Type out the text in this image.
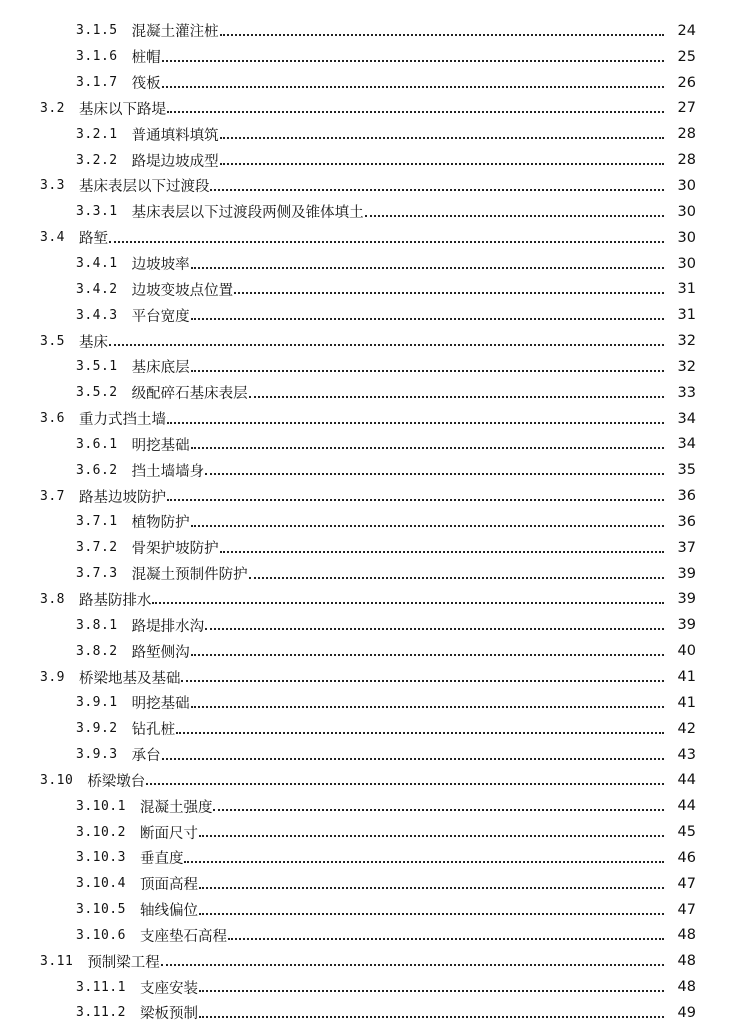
3.1.5 混凝土灌注桩	24
3.1.6 桩帽	25
3.1.7 筏板	26
3.2 基床以下路堤	27
3.2.1 普通填料填筑	28
3.2.2 路堤边坡成型	28
3.3 基床表层以下过渡段	30
3.3.1 基床表层以下过渡段两侧及锥体填土	30
3.4 路堑	30
3.4.1 边坡坡率	30
3.4.2 边坡变坡点位置	31
3.4.3 平台宽度	31
3.5 基床	32
3.5.1 基床底层	32
3.5.2 级配碎石基床表层	33
3.6 重力式挡土墙	34
3.6.1 明挖基础	34
3.6.2 挡土墙墙身	35
3.7 路基边坡防护	36
3.7.1 植物防护	36
3.7.2 骨架护坡防护	37
3.7.3 混凝土预制件防护	39
3.8 路基防排水	39
3.8.1 路堤排水沟	39
3.8.2 路堑侧沟	40
3.9 桥梁地基及基础	41
3.9.1 明挖基础	41
3.9.2 钻孔桩	42
3.9.3 承台	43
3.10 桥梁墩台	44
3.10.1 混凝土强度	44
3.10.2 断面尺寸	45
3.10.3 垂直度	46
3.10.4 顶面高程	47
3.10.5 轴线偏位	47
3.10.6 支座垫石高程	48
3.11 预制梁工程	48
3.11.1 支座安装	48
3.11.2 梁板预制	49
